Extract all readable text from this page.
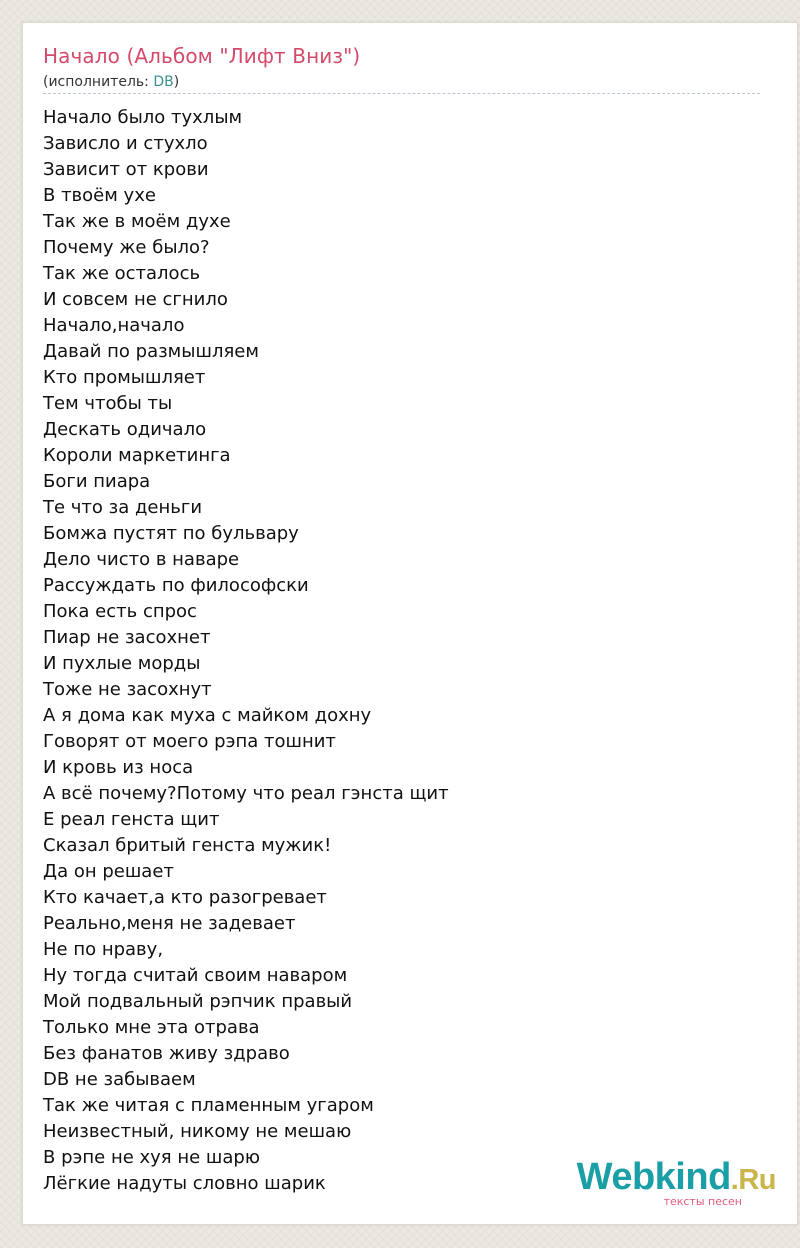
Начало (Альбом "Лифт Вниз")
(исполнитель: DB)
Начало было тухлым
Зависло и стухло
Зависит от крови
В твоём ухе
Так же в моём духе
Почему же было?
Так же осталось
И совсем не сгнило
Начало,начало
Давай по размышляем
Кто промышляет
Тем чтобы ты
Дескать одичало
Короли маркетинга
Боги пиара
Те что за деньги
Бомжа пустят по бульвару
Дело чисто в наваре
Рассуждать по философски
Пока есть спрос
Пиар не засохнет
И пухлые морды
Тоже не засохнут
А я дома как муха с майком дохну
Говорят от моего рэпа тошнит
И кровь из носа
А всё почему?Потому что реал гэнста щит
Е реал генста щит
Сказал бритый генста мужик!
Да он решает
Кто качает,а кто разогревает
Реально,меня не задевает
Не по нраву,
Ну тогда считай своим наваром
Мой подвальный рэпчик правый
Только мне эта отрава
Без фанатов живу здраво
DB не забываем
Так же читая с пламенным угаром
Неизвестный, никому не мешаю
В рэпе не хуя не шарю
Лёгкие надуты словно шарик	Webkind.Ru
тексты песен
